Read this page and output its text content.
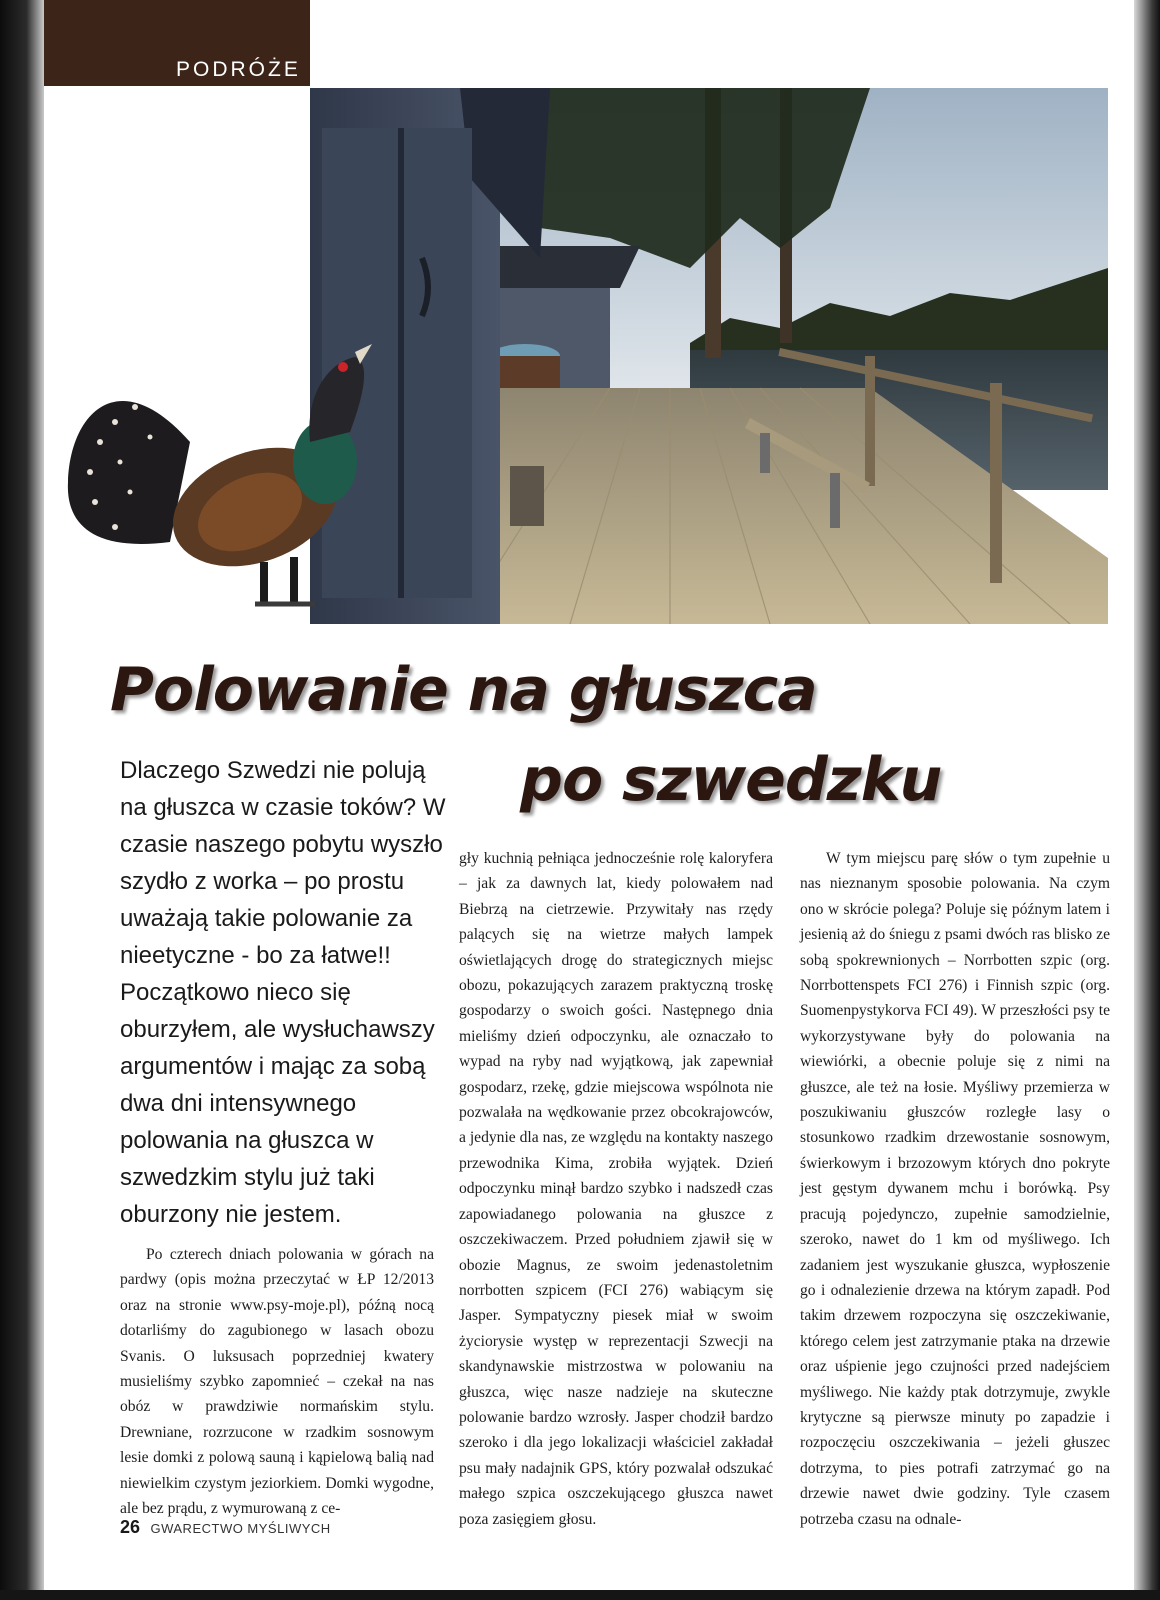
PODRÓŻE
Polowanie na głuszca
po szwedzku

Dlaczego Szwedzi nie polują na głuszca w czasie toków? W czasie naszego pobytu wyszło szydło z worka – po prostu uważają takie polowanie za nieetyczne - bo za łatwe!! Początkowo nieco się oburzyłem, ale wysłuchawszy argumentów i mając za sobą dwa dni intensywnego polowania na głuszca w szwedzkim stylu już taki oburzony nie jestem.

Po czterech dniach polowania w górach na pardwy (opis można przeczytać w ŁP 12/2013 oraz na stronie www.psy-moje.pl), późną nocą dotarliśmy do zagubionego w lasach obozu Svanis. O luksusach poprzedniej kwatery musieliśmy szybko zapomnieć – czekał na nas obóz w prawdziwie normańskim stylu. Drewniane, rozrzucone w rzadkim sosnowym lesie domki z polową sauną i kąpielową balią nad niewielkim czystym jeziorkiem. Domki wygodne, ale bez prądu, z wymurowaną z ce-

gły kuchnią pełniąca jednocześnie rolę kaloryfera – jak za dawnych lat, kiedy polowałem nad Biebrzą na cietrzewie. Przywitały nas rzędy palących się na wietrze małych lampek oświetlających drogę do strategicznych miejsc obozu, pokazujących zarazem praktyczną troskę gospodarzy o swoich gości. Następnego dnia mieliśmy dzień odpoczynku, ale oznaczało to wypad na ryby nad wyjątkową, jak zapewniał gospodarz, rzekę, gdzie miejscowa wspólnota nie pozwalała na wędkowanie przez obcokrajowców, a jedynie dla nas, ze względu na kontakty naszego przewodnika Kima, zrobiła wyjątek. Dzień odpoczynku minął bardzo szybko i nadszedł czas zapowiadanego polowania na głuszce z oszczekiwaczem. Przed południem zjawił się w obozie Magnus, ze swoim jedenastoletnim norrbotten szpicem (FCI 276) wabiącym się Jasper. Sympatyczny piesek miał w swoim życiorysie występ w reprezentacji Szwecji na skandynawskie mistrzostwa w polowaniu na głuszca, więc nasze nadzieje na skuteczne polowanie bardzo wzrosły. Jasper chodził bardzo szeroko i dla jego lokalizacji właściciel zakładał psu mały nadajnik GPS, który pozwalał odszukać małego szpica oszczekującego głuszca nawet poza zasięgiem głosu.

W tym miejscu parę słów o tym zupełnie u nas nieznanym sposobie polowania. Na czym ono w skrócie polega? Poluje się późnym latem i jesienią aż do śniegu z psami dwóch ras blisko ze sobą spokrewnionych – Norrbotten szpic (org. Norrbottenspets FCI 276) i Finnish szpic (org. Suomenpystykorva FCI 49). W przeszłości psy te wykorzystywane były do polowania na wiewiórki, a obecnie poluje się z nimi na głuszce, ale też na łosie. Myśliwy przemierza w poszukiwaniu głuszców rozległe lasy o stosunkowo rzadkim drzewostanie sosnowym, świerkowym i brzozowym których dno pokryte jest gęstym dywanem mchu i borówką. Psy pracują pojedynczo, zupełnie samodzielnie, szeroko, nawet do 1 km od myśliwego. Ich zadaniem jest wyszukanie głuszca, wypłoszenie go i odnalezienie drzewa na którym zapadł. Pod takim drzewem rozpoczyna się oszczekiwanie, którego celem jest zatrzymanie ptaka na drzewie oraz uśpienie jego czujności przed nadejściem myśliwego. Nie każdy ptak dotrzymuje, zwykle krytyczne są pierwsze minuty po zapadzie i rozpoczęciu oszczekiwania – jeżeli głuszec dotrzyma, to pies potrafi zatrzymać go na drzewie nawet dwie godziny. Tyle czasem potrzeba czasu na odnale-

26 GWARECTWO MYŚLIWYCH
